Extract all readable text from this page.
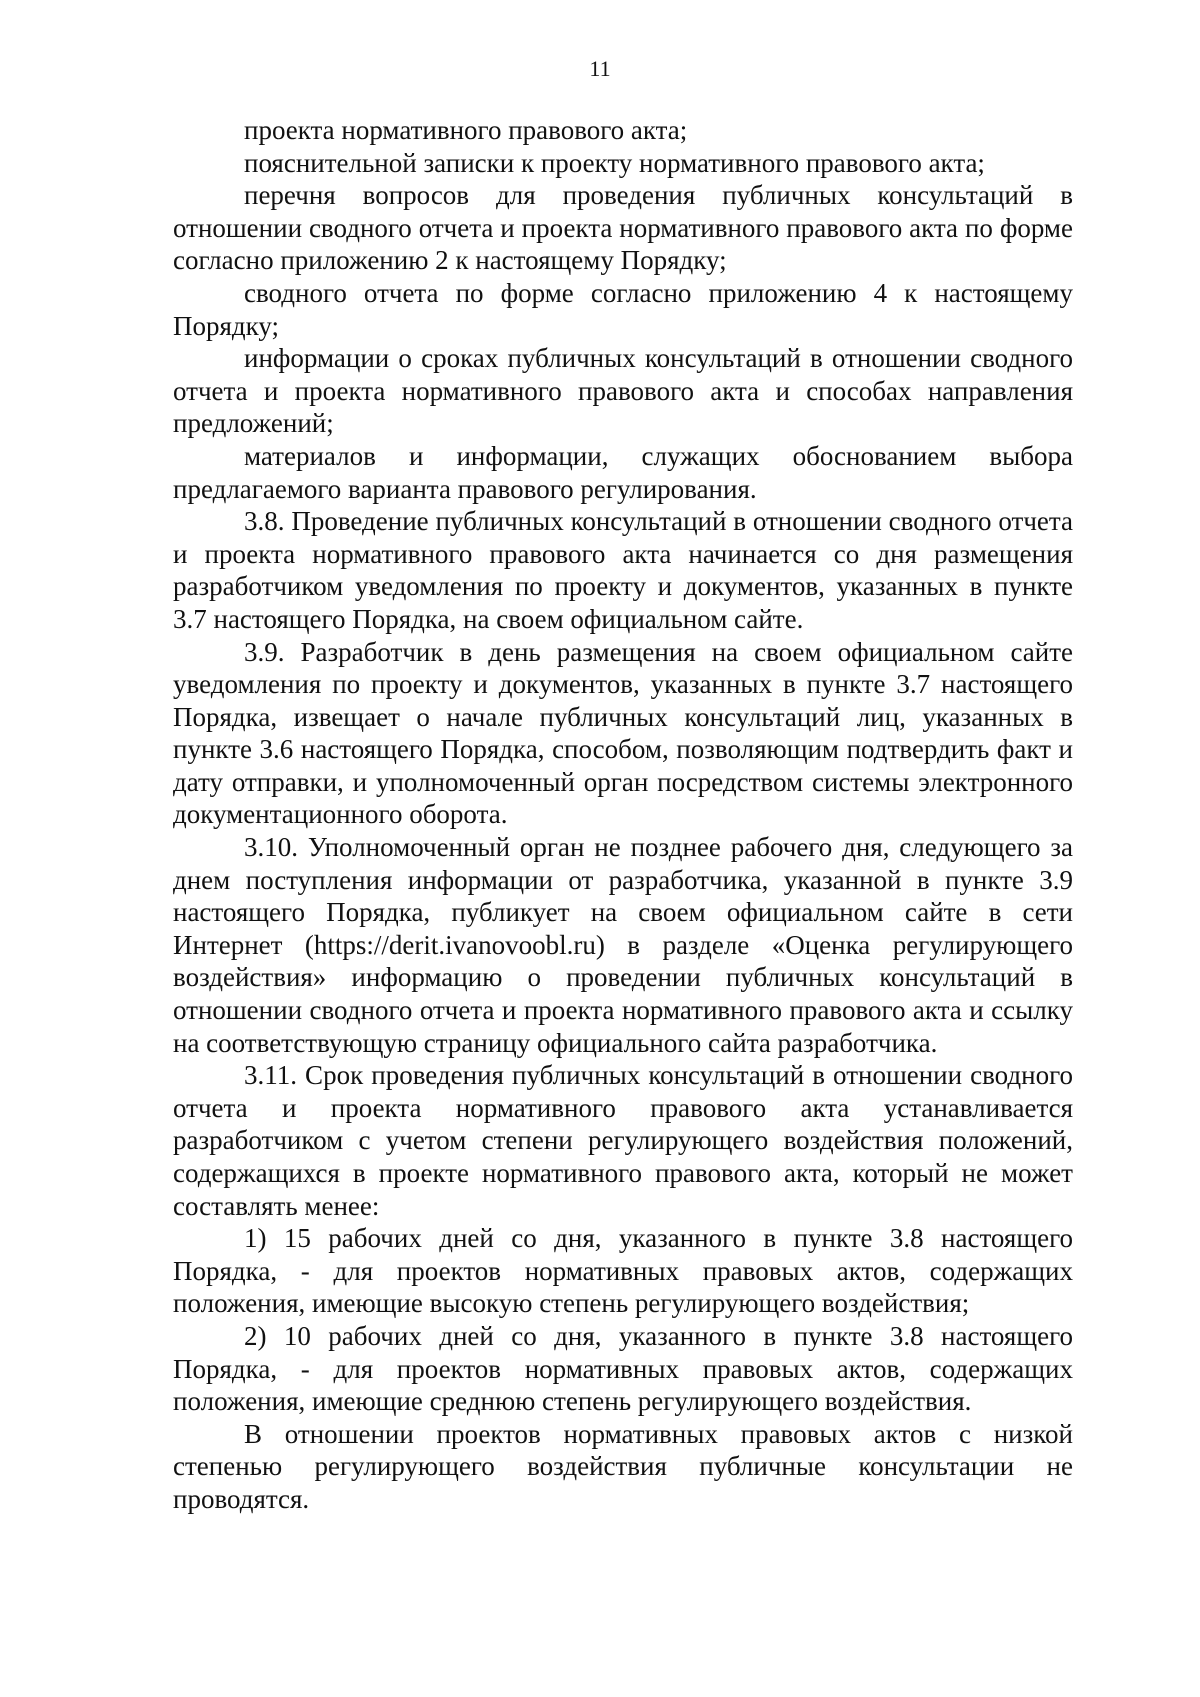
11

проекта нормативного правового акта;

пояснительной записки к проекту нормативного правового акта;

перечня вопросов для проведения публичных консультаций в отношении сводного отчета и проекта нормативного правового акта по форме согласно приложению 2 к настоящему Порядку;

сводного отчета по форме согласно приложению 4 к настоящему Порядку;

информации о сроках публичных консультаций в отношении сводного отчета и проекта нормативного правового акта и способах направления предложений;

материалов и информации, служащих обоснованием выбора предлагаемого варианта правового регулирования.

3.8. Проведение публичных консультаций в отношении сводного отчета и проекта нормативного правового акта начинается со дня размещения разработчиком уведомления по проекту и документов, указанных в пункте 3.7 настоящего Порядка, на своем официальном сайте.

3.9. Разработчик в день размещения на своем официальном сайте уведомления по проекту и документов, указанных в пункте 3.7 настоящего Порядка, извещает о начале публичных консультаций лиц, указанных в пункте 3.6 настоящего Порядка, способом, позволяющим подтвердить факт и дату отправки, и уполномоченный орган посредством системы электронного документационного оборота.

3.10. Уполномоченный орган не позднее рабочего дня, следующего за днем поступления информации от разработчика, указанной в пункте 3.9 настоящего Порядка, публикует на своем официальном сайте в сети Интернет (https://derit.ivanovoobl.ru) в разделе «Оценка регулирующего воздействия» информацию о проведении публичных консультаций в отношении сводного отчета и проекта нормативного правового акта и ссылку на соответствующую страницу официального сайта разработчика.

3.11. Срок проведения публичных консультаций в отношении сводного отчета и проекта нормативного правового акта устанавливается разработчиком с учетом степени регулирующего воздействия положений, содержащихся в проекте нормативного правового акта, который не может составлять менее:

1) 15 рабочих дней со дня, указанного в пункте 3.8 настоящего Порядка, - для проектов нормативных правовых актов, содержащих положения, имеющие высокую степень регулирующего воздействия;

2) 10 рабочих дней со дня, указанного в пункте 3.8 настоящего Порядка, - для проектов нормативных правовых актов, содержащих положения, имеющие среднюю степень регулирующего воздействия.

В отношении проектов нормативных правовых актов с низкой степенью регулирующего воздействия публичные консультации не проводятся.
